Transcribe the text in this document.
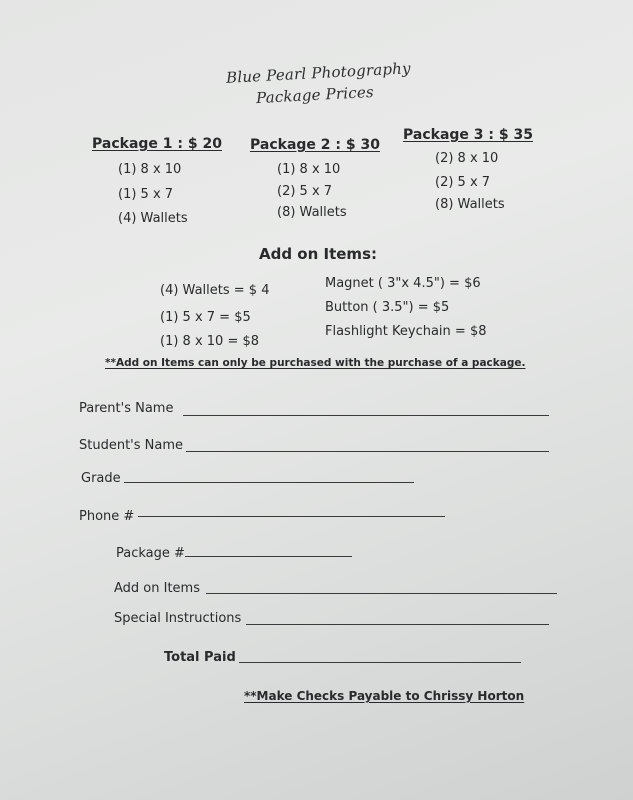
Blue Pearl Photography
Package Prices
Package 1 : $ 20
(1) 8 x 10
(1) 5 x 7
(4) Wallets
Package 2 : $ 30
(1) 8 x 10
(2) 5 x 7
(8) Wallets
Package 3 : $ 35
(2) 8 x 10
(2) 5 x 7
(8) Wallets
Add on Items:
(4) Wallets = $ 4
(1) 5 x 7 = $5
(1) 8 x 10 = $8
Magnet ( 3"x 4.5") = $6
Button ( 3.5") = $5
Flashlight Keychain = $8
**Add on Items can only be purchased with the purchase of a package.
Parent's Name
Student's Name
Grade
Phone #
Package #
Add on Items
Special Instructions
Total Paid
**Make Checks Payable to Chrissy Horton
